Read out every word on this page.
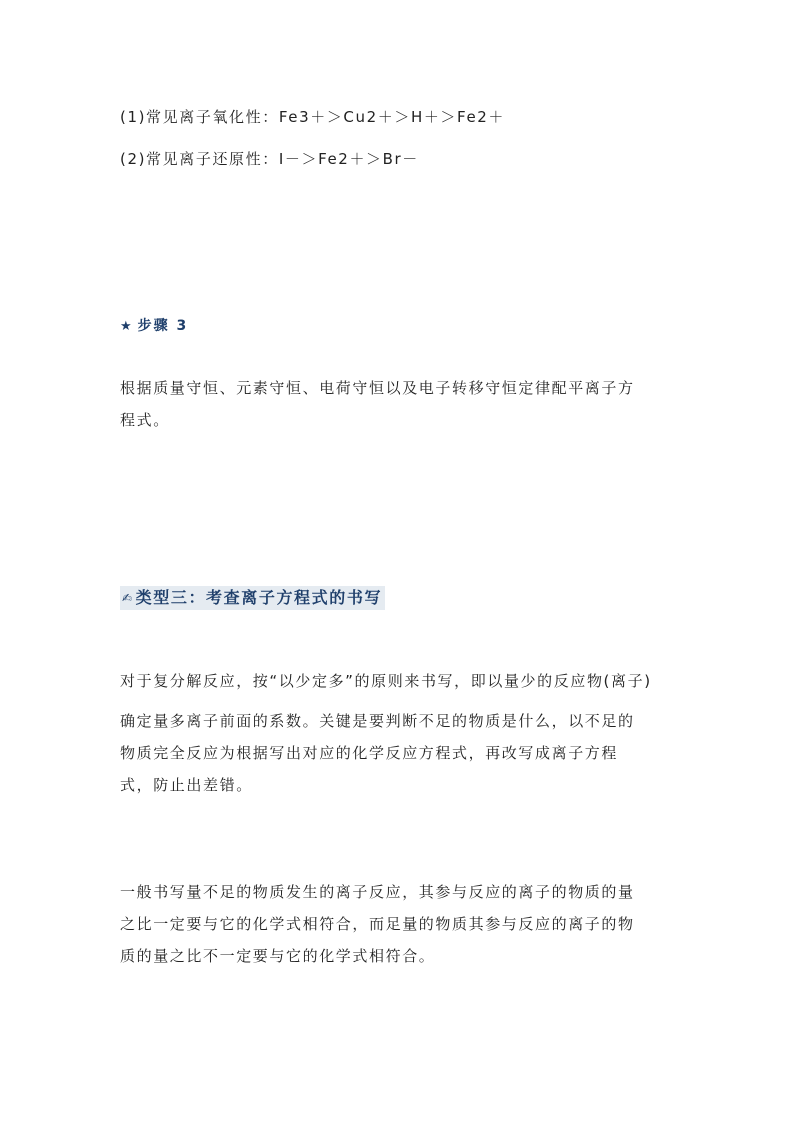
(1)常见离子氧化性：Fe3＋＞Cu2＋＞H＋＞Fe2＋
(2)常见离子还原性：I－＞Fe2＋＞Br－
★ 步骤 3
根据质量守恒、元素守恒、电荷守恒以及电子转移守恒定律配平离子方
程式。
✍ 类型三：考查离子方程式的书写
对于复分解反应，按“以少定多”的原则来书写，即以量少的反应物(离子)
确定量多离子前面的系数。关键是要判断不足的物质是什么，以不足的
物质完全反应为根据写出对应的化学反应方程式，再改写成离子方程
式，防止出差错。
一般书写量不足的物质发生的离子反应，其参与反应的离子的物质的量
之比一定要与它的化学式相符合，而足量的物质其参与反应的离子的物
质的量之比不一定要与它的化学式相符合。
